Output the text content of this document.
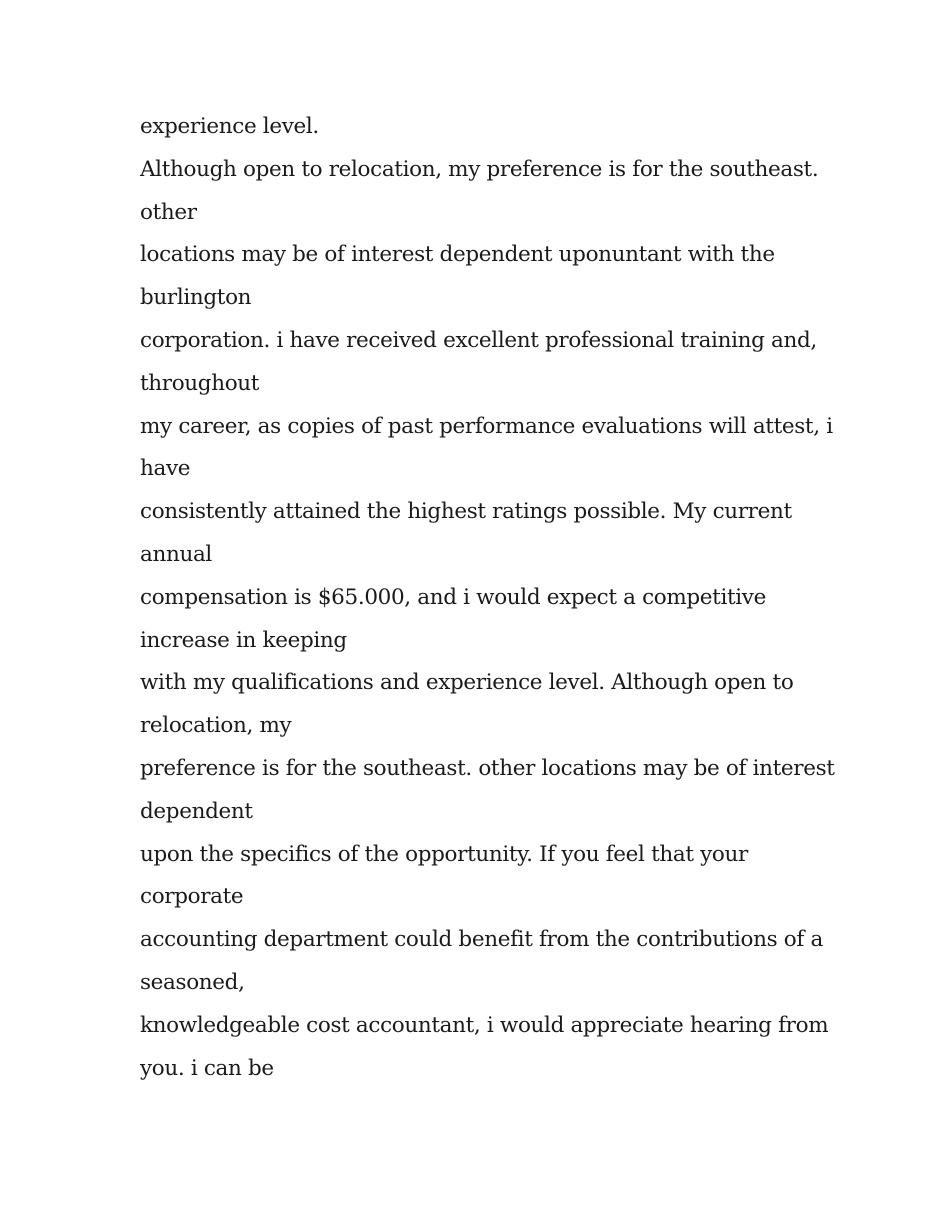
experience level.
Although open to relocation, my preference is for the southeast.
other
locations may be of interest dependent uponuntant with the
burlington
corporation. i have received excellent professional training and,
throughout
my career, as copies of past performance evaluations will attest, i
have
consistently attained the highest ratings possible. My current
annual
compensation is $65.000, and i would expect a competitive
increase in keeping
with my qualifications and experience level. Although open to
relocation, my
preference is for the southeast. other locations may be of interest
dependent
upon the specifics of the opportunity. If you feel that your
corporate
accounting department could benefit from the contributions of a
seasoned,
knowledgeable cost accountant, i would appreciate hearing from
you. i can be
